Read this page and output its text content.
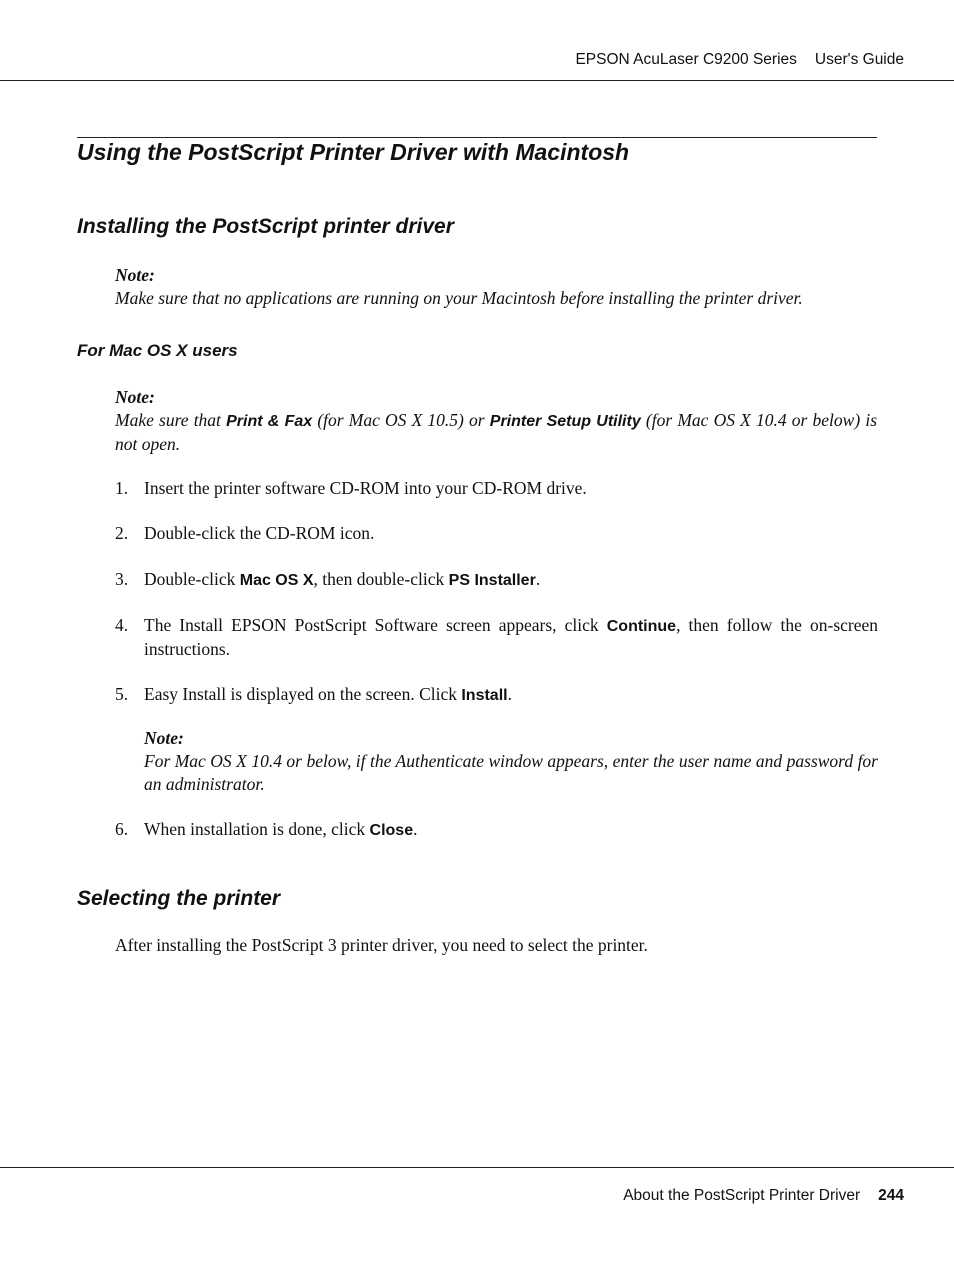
EPSON AcuLaser C9200 Series User's Guide
Using the PostScript Printer Driver with Macintosh
Installing the PostScript printer driver
Note:
Make sure that no applications are running on your Macintosh before installing the printer driver.
For Mac OS X users
Note:
Make sure that Print & Fax (for Mac OS X 10.5) or Printer Setup Utility (for Mac OS X 10.4 or below) is not open.
1. Insert the printer software CD-ROM into your CD-ROM drive.
2. Double-click the CD-ROM icon.
3. Double-click Mac OS X, then double-click PS Installer.
4. The Install EPSON PostScript Software screen appears, click Continue, then follow the on-screen instructions.
5. Easy Install is displayed on the screen. Click Install.
Note:
For Mac OS X 10.4 or below, if the Authenticate window appears, enter the user name and password for an administrator.
6. When installation is done, click Close.
Selecting the printer
After installing the PostScript 3 printer driver, you need to select the printer.
About the PostScript Printer Driver 244
